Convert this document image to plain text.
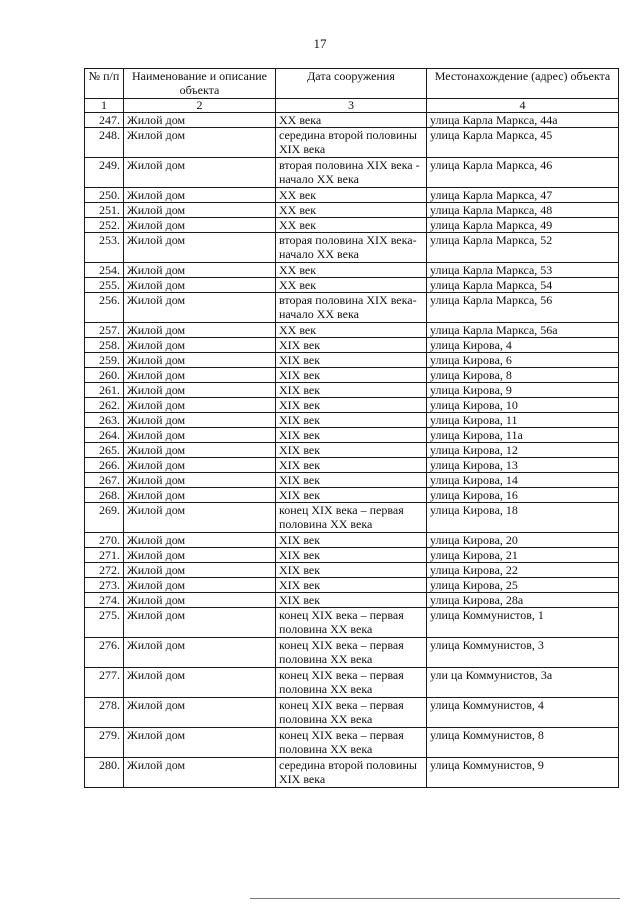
17
№ п/п	Наименование и описание объекта	Дата сооружения	Местонахождение (адрес) объекта
1	2	3	4
247.	Жилой дом	XX века	улица Карла Маркса, 44а
248.	Жилой дом	середина второй половины XIX века	улица Карла Маркса, 45
249.	Жилой дом	вторая половина XIX века - начало XX века	улица Карла Маркса, 46
250.	Жилой дом	XX век	улица Карла Маркса, 47
251.	Жилой дом	XX век	улица Карла Маркса, 48
252.	Жилой дом	XX век	улица Карла Маркса, 49
253.	Жилой дом	вторая половина XIX века- начало XX века	улица Карла Маркса, 52
254.	Жилой дом	XX век	улица Карла Маркса, 53
255.	Жилой дом	XX век	улица Карла Маркса, 54
256.	Жилой дом	вторая половина XIX века- начало XX века	улица Карла Маркса, 56
257.	Жилой дом	XX век	улица Карла Маркса, 56а
258.	Жилой дом	XIX век	улица Кирова, 4
259.	Жилой дом	XIX век	улица Кирова, 6
260.	Жилой дом	XIX век	улица Кирова, 8
261.	Жилой дом	XIX век	улица Кирова, 9
262.	Жилой дом	XIX век	улица Кирова, 10
263.	Жилой дом	XIX век	улица Кирова, 11
264.	Жилой дом	XIX век	улица Кирова, 11а
265.	Жилой дом	XIX век	улица Кирова, 12
266.	Жилой дом	XIX век	улица Кирова, 13
267.	Жилой дом	XIX век	улица Кирова, 14
268.	Жилой дом	XIX век	улица Кирова, 16
269.	Жилой дом	конец XIX века – первая половина XX века	улица Кирова, 18
270.	Жилой дом	XIX век	улица Кирова, 20
271.	Жилой дом	XIX век	улица Кирова, 21
272.	Жилой дом	XIX век	улица Кирова, 22
273.	Жилой дом	XIX век	улица Кирова, 25
274.	Жилой дом	XIX век	улица Кирова, 28а
275.	Жилой дом	конец XIX века – первая половина XX века	улица Коммунистов, 1
276.	Жилой дом	конец XIX века – первая половина XX века	улица Коммунистов, 3
277.	Жилой дом	конец XIX века – первая половина XX века	ули ца Коммунистов, 3а
278.	Жилой дом	конец XIX века – первая половина XX века	улица Коммунистов, 4
279.	Жилой дом	конец XIX века – первая половина XX века	улица Коммунистов, 8
280.	Жилой дом	середина второй половины XIX века	улица Коммунистов, 9
